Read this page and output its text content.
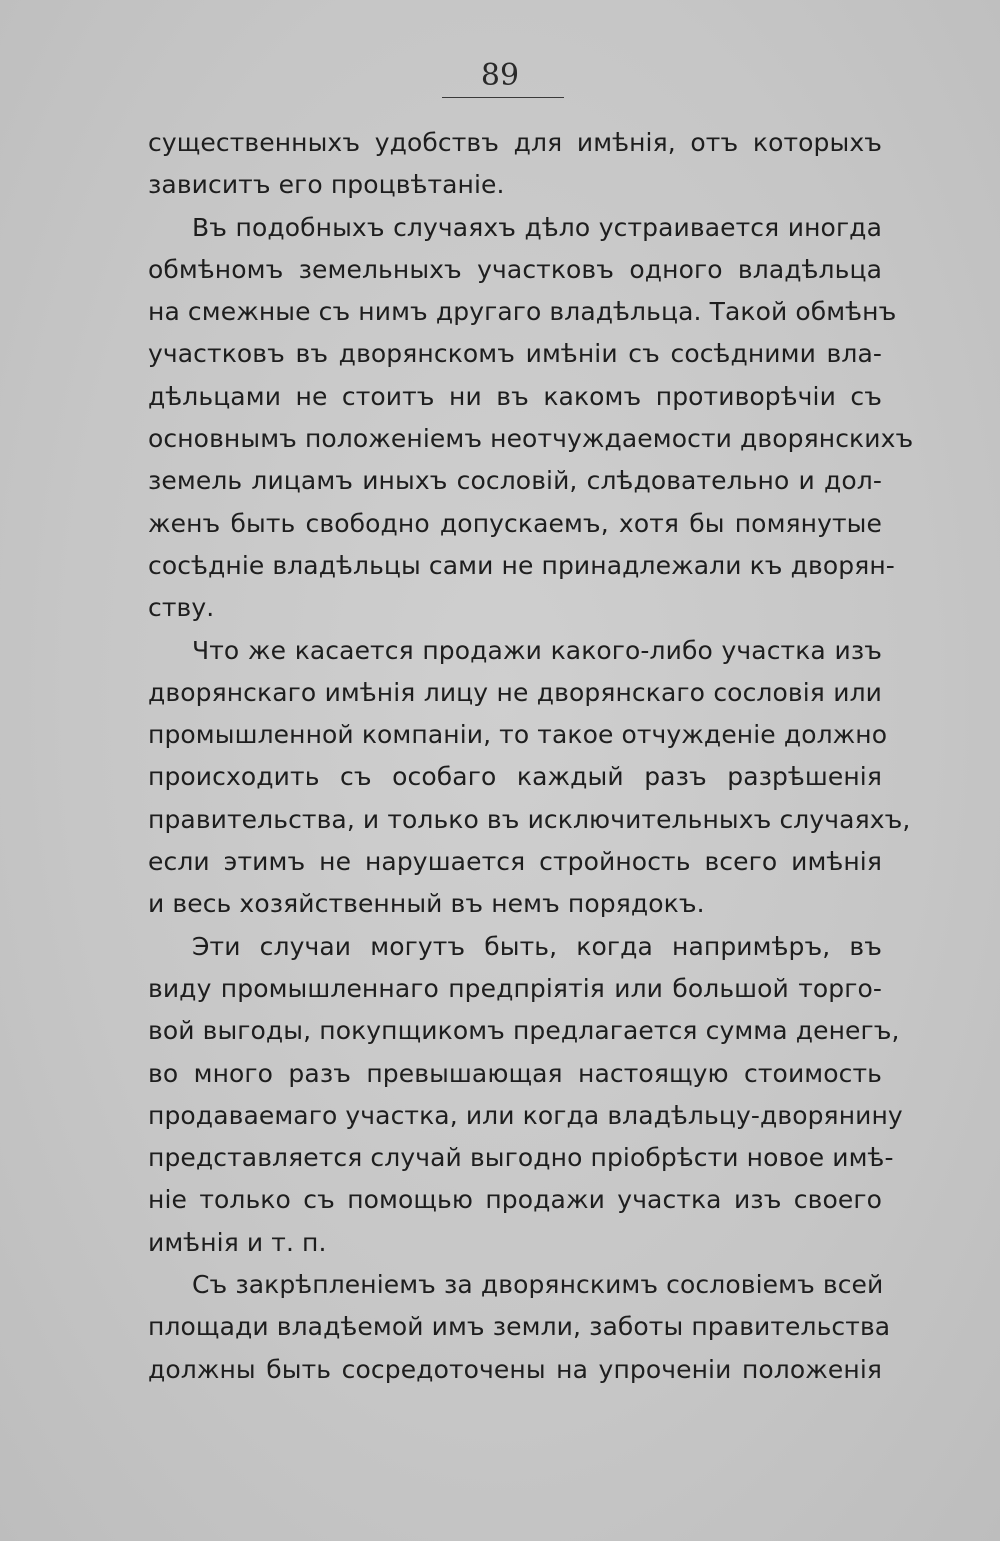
89
существенныхъ удобствъ для имѣнія, отъ которыхъ
зависитъ его процвѣтаніе.
Въ подобныхъ случаяхъ дѣло устраивается иногда
обмѣномъ земельныхъ участковъ одного владѣльца
на смежные съ нимъ другаго владѣльца. Такой обмѣнъ
участковъ въ дворянскомъ имѣніи съ сосѣдними вла-
дѣльцами не стоитъ ни въ какомъ противорѣчіи съ
основнымъ положеніемъ неотчуждаемости дворянскихъ
земель лицамъ иныхъ сословій, слѣдовательно и дол-
женъ быть свободно допускаемъ, хотя бы помянутые
сосѣдніе владѣльцы сами не принадлежали къ дворян-
ству.
Что же касается продажи какого-либо участка изъ
дворянскаго имѣнія лицу не дворянскаго сословія или
промышленной компаніи, то такое отчужденіе должно
происходить съ особаго каждый разъ разрѣшенія
правительства, и только въ исключительныхъ случаяхъ,
если этимъ не нарушается стройность всего имѣнія
и весь хозяйственный въ немъ порядокъ.
Эти случаи могутъ быть, когда напримѣръ, въ
виду промышленнаго предпріятія или большой торго-
вой выгоды, покупщикомъ предлагается сумма денегъ,
во много разъ превышающая настоящую стоимость
продаваемаго участка, или когда владѣльцу-дворянину
представляется случай выгодно пріобрѣсти новое имѣ-
ніе только съ помощью продажи участка изъ своего
имѣнія и т. п.
Съ закрѣпленіемъ за дворянскимъ сословіемъ всей
площади владѣемой имъ земли, заботы правительства
должны быть сосредоточены на упроченіи положенія
